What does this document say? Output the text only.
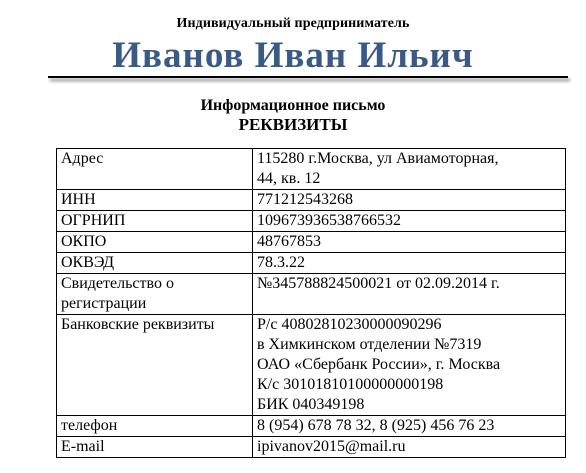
Индивидуальный предприниматель
Иванов Иван Ильич
Информационное письмо
РЕКВИЗИТЫ
Адрес	115280 г.Москва, ул Авиамоторная,
44, кв. 12

ИНН	771212543268
ОГРНИП	109673936538766532
ОКПО	48767853
ОКВЭД	78.3.22
Свидетельство о регистрации	№345788824500021 от 02.09.2014 г.
Банковские реквизиты	Р/с 40802810230000090296
в Химкинском отделении №7319
ОАО «Сбербанк России», г. Москва
К/с 30101810100000000198
БИК 040349198

телефон	8 (954) 678 78 32, 8 (925) 456 76 23
E-mail	ipivanov2015@mail.ru
